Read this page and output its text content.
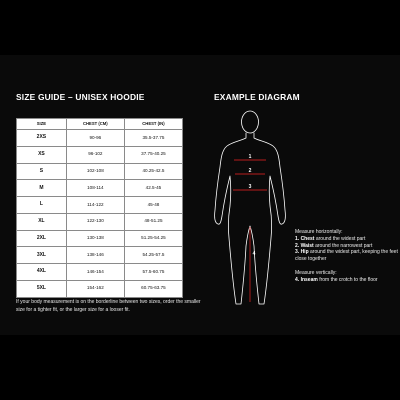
SIZE GUIDE – UNISEX HOODIE	EXAMPLE DIAGRAM
SIZE	CHEST (CM)	CHEST (IN)
2XS	90-96	35.5-37.75
XS	96-102	37.75-40.25
S	102-108	40.25-42.5
M	108-114	42.5-45
L	114-122	45-48
XL	122-130	48-51.25
2XL	130-138	51.25-54.25
3XL	138-146	54.25-57.5
4XL	146-154	57.5-60.75
5XL	154-162	60.75-63.75
If your body measurement is on the borderline between two sizes, order the smaller size for a tighter fit, or the larger size for a looser fit.
1
2
3
4
Measure horizontally:
1. Chest around the widest part
2. Waist around the narrowest part
3. Hip around the widest part, keeping the feet close together
Measure vertically:
4. Inseam from the crotch to the floor
